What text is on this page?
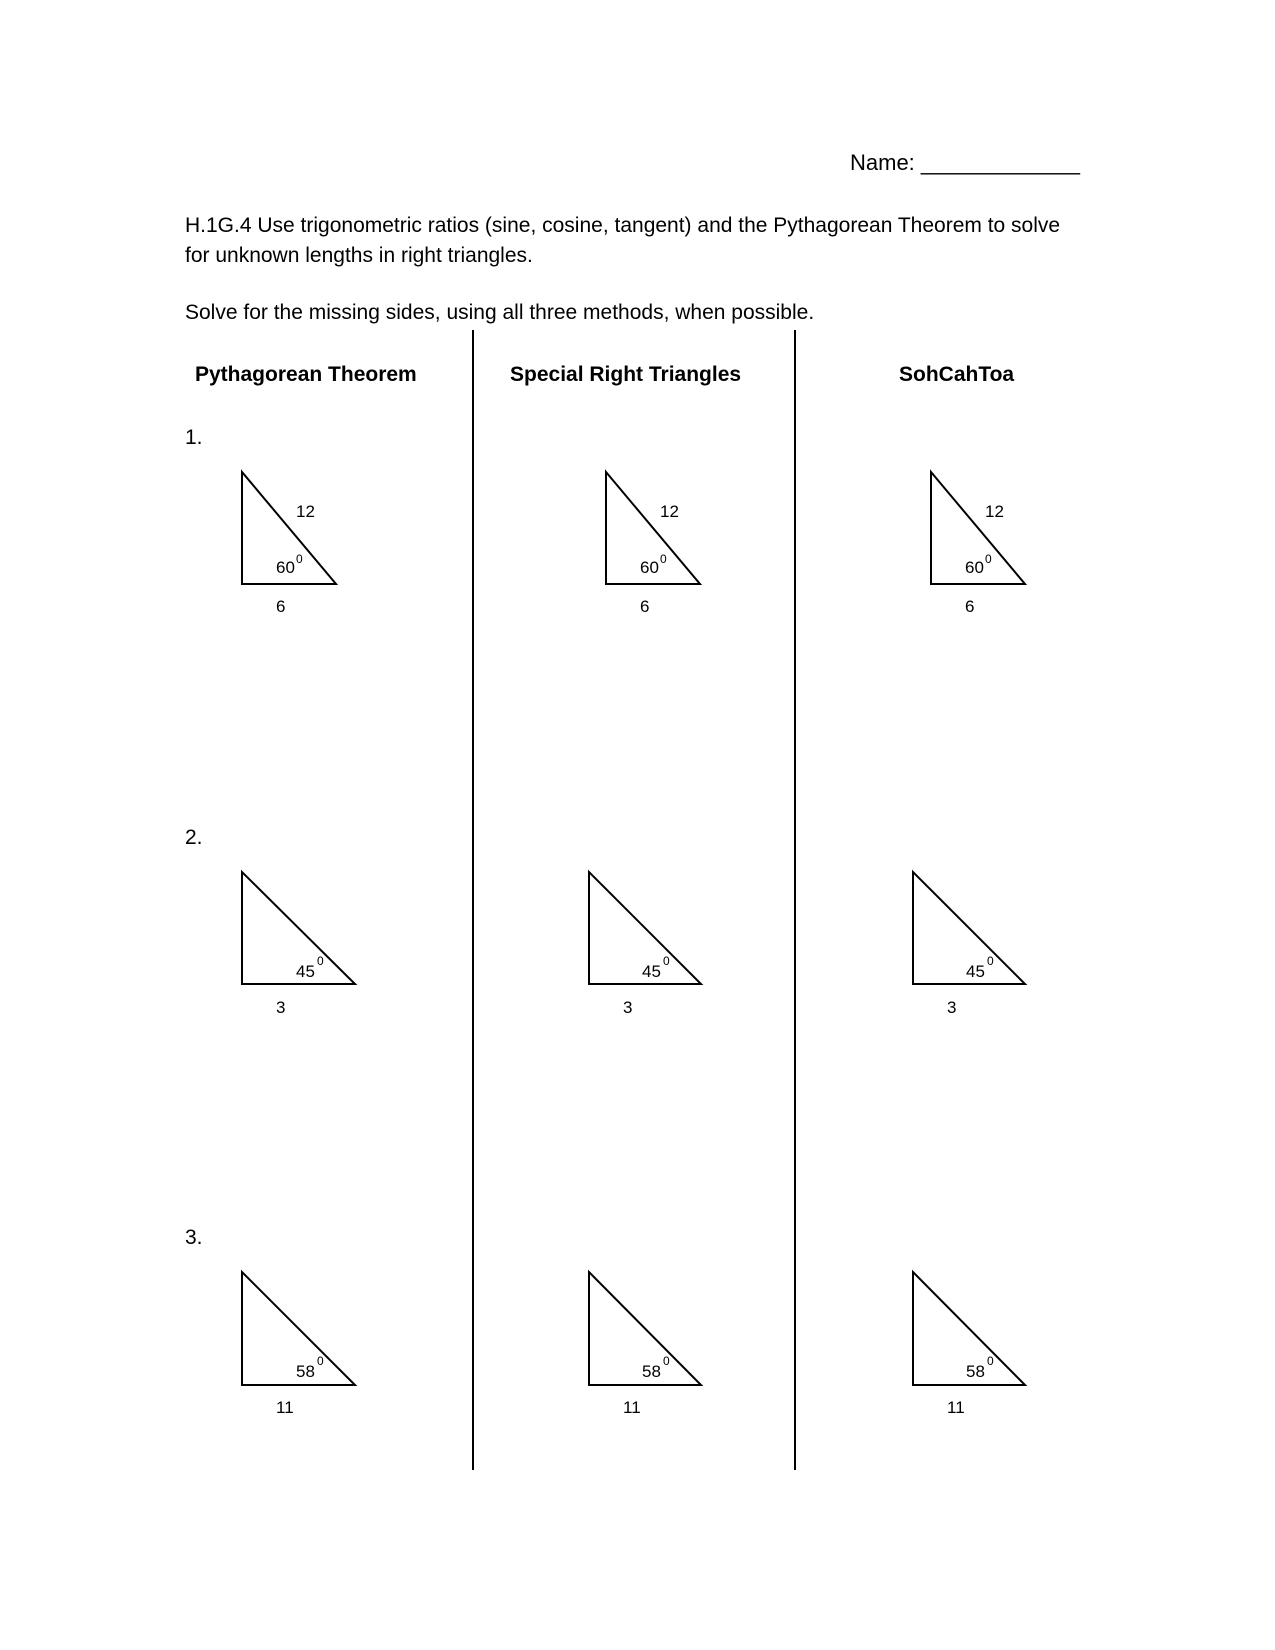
Name: _____________
H.1G.4 Use trigonometric ratios (sine, cosine, tangent) and the Pythagorean Theorem to solve for unknown lengths in right triangles.
Solve for the missing sides, using all three methods, when possible.
Pythagorean Theorem	Special Right Triangles	SohCahToa
1.
2.
3.
12
60 0
6
12
60 0
6
12
60 0
6
45
0
3
45
0
3
45
0
3
58
0
11
58
0
11
58
0
11
